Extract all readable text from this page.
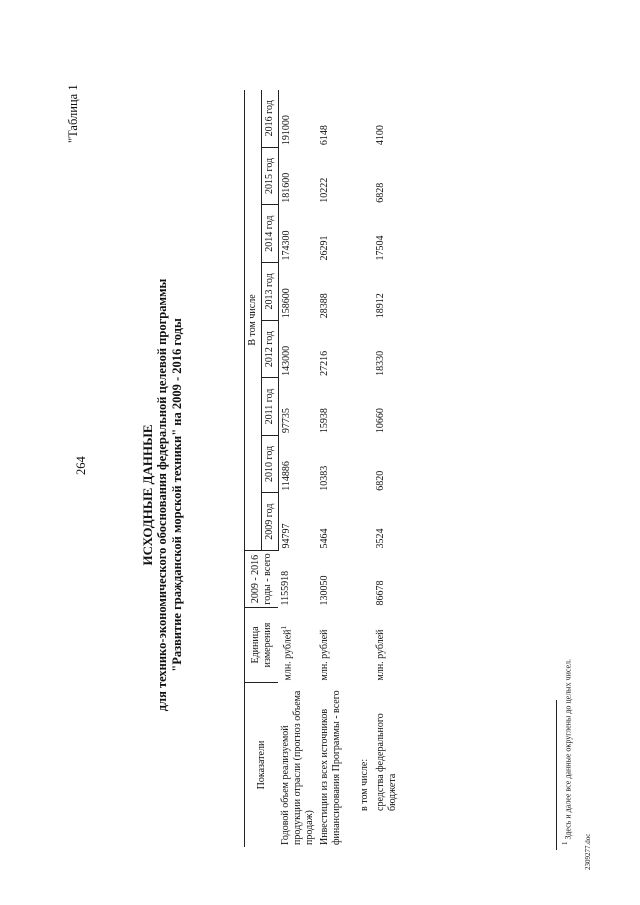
"Таблица 1
264	ИСХОДНЫЕ ДАННЫЕ для технико-экономического обоснования федеральной целевой программы "Развитие гражданской морской техники" на 2009 - 2016 годы
Показатели	Единица измерения	2009 - 2016 годы - всего	В том числе							
			2009 год	2010 год	2011 год	2012 год	2013 год	2014 год	2015 год	2016 год
Годовой объем реализуемой продукции отрасли (прогноз объема продаж)	млн. рублей$^1$	1155918	94797	114886	97735	143000	158600	174300	181600	191000
Инвестиции из всех источников финансирования Программы - всего	млн. рублей	130050	5464	10383	15938	27216	28388	26291	10222	6148
в том числе:										
средства федерального бюджета	млн. рублей	86678	3524	6820	10660	18330	18912	17504	6828	4100
$^1$ Здесь и далее все данные округлены до целых чисел.
2309277.doc
